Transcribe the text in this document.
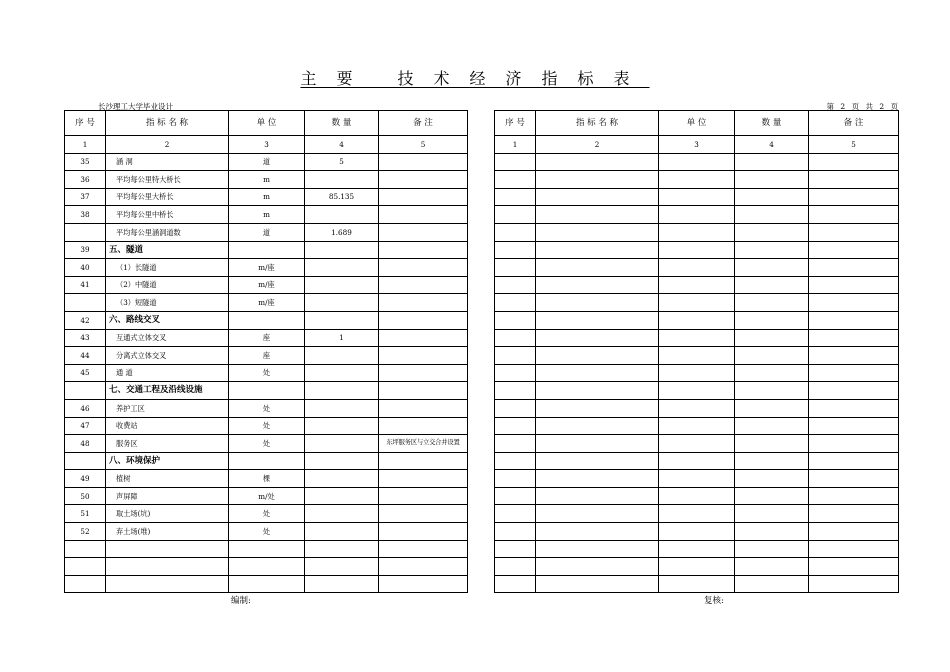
主要 技术经济指标表
长沙理工大学毕业设计	第 2 页 共 2 页
序 号	指 标 名 称	单 位	数 量	备 注
1	2	3	4	5
35	涵 洞	道	5	
36	平均每公里特大桥长	m		
37	平均每公里大桥长	m	85.135	
38	平均每公里中桥长	m		
	平均每公里涵洞道数	道	1.689	
39	五、隧道			
40	（1）长隧道	m/座		
41	（2）中隧道	m/座		
	（3）短隧道	m/座		
42	六、路线交叉			
43	互通式立体交叉	座	1	
44	分离式立体交叉	座		
45	通 道	处		
	七、交通工程及沿线设施			
46	养护工区	处		
47	收费站	处		
48	服务区	处		东坪服务区与立交合并设置
	八、环境保护			
49	植树	棵		
50	声屏障	m/处		
51	取土场(坑)	处		
52	弃土场(堆)	处		

序 号	指 标 名 称	单 位	数 量	备 注
1	2	3	4	5

编制:	复核:
